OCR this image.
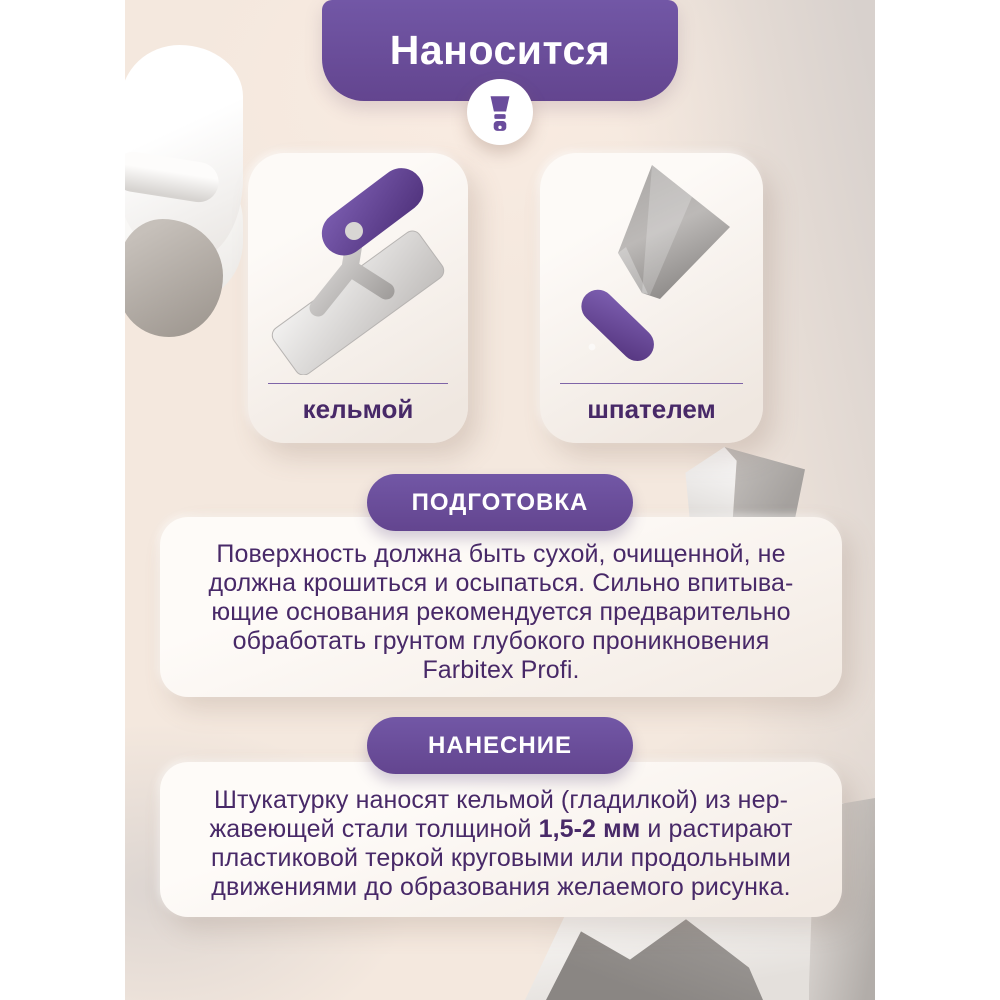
Наносится
кельмой	шпателем
ПОДГОТОВКА
Поверхность должна быть сухой, очищенной, не
должна крошиться и осыпаться. Сильно впитыва-
ющие основания рекомендуется предварительно
обработать грунтом глубокого проникновения
Farbitex Profi.
НАНЕСНИЕ
Штукатурку наносят кельмой (гладилкой) из нер-
жавеющей стали толщиной 1,5-2 мм и растирают
пластиковой теркой круговыми или продольными
движениями до образования желаемого рисунка.
